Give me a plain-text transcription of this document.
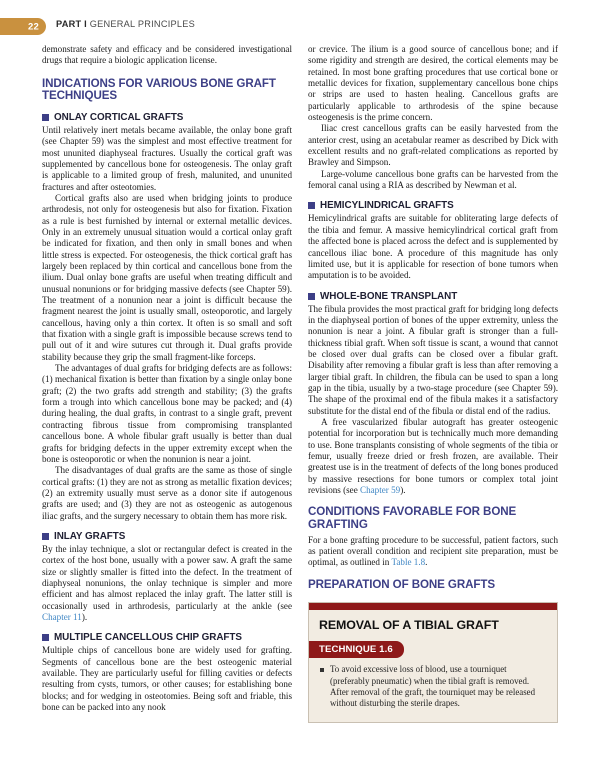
22 PART I GENERAL PRINCIPLES

demonstrate safety and efficacy and be considered investigational drugs that require a biologic application license.

INDICATIONS FOR VARIOUS BONE GRAFT TECHNIQUES
ONLAY CORTICAL GRAFTS

Until relatively inert metals became available, the onlay bone graft (see Chapter 59) was the simplest and most effective treatment for most ununited diaphyseal fractures. Usually the cortical graft was supplemented by cancellous bone for osteogenesis. The onlay graft is applicable to a limited group of fresh, malunited, and ununited fractures and after osteotomies.

Cortical grafts also are used when bridging joints to produce arthrodesis, not only for osteogenesis but also for fixation. Fixation as a rule is best furnished by internal or external metallic devices. Only in an extremely unusual situation would a cortical onlay graft be indicated for fixation, and then only in small bones and when little stress is expected. For osteogenesis, the thick cortical graft has largely been replaced by thin cortical and cancellous bone from the ilium. Dual onlay bone grafts are useful when treating difficult and unusual nonunions or for bridging massive defects (see Chapter 59). The treatment of a nonunion near a joint is difficult because the fragment nearest the joint is usually small, osteoporotic, and largely cancellous, having only a thin cortex. It often is so small and soft that fixation with a single graft is impossible because screws tend to pull out of it and wire sutures cut through it. Dual grafts provide stability because they grip the small fragment-like forceps.

The advantages of dual grafts for bridging defects are as follows: (1) mechanical fixation is better than fixation by a single onlay bone graft; (2) the two grafts add strength and stability; (3) the grafts form a trough into which cancellous bone may be packed; and (4) during healing, the dual grafts, in contrast to a single graft, prevent contracting fibrous tissue from compromising transplanted cancellous bone. A whole fibular graft usually is better than dual grafts for bridging defects in the upper extremity except when the bone is osteoporotic or when the nonunion is near a joint.

The disadvantages of dual grafts are the same as those of single cortical grafts: (1) they are not as strong as metallic fixation devices; (2) an extremity usually must serve as a donor site if autogenous grafts are used; and (3) they are not as osteogenic as autogenous iliac grafts, and the surgery necessary to obtain them has more risk.

INLAY GRAFTS

By the inlay technique, a slot or rectangular defect is created in the cortex of the host bone, usually with a power saw. A graft the same size or slightly smaller is fitted into the defect. In the treatment of diaphyseal nonunions, the onlay technique is simpler and more efficient and has almost replaced the inlay graft. The latter still is occasionally used in arthrodesis, particularly at the ankle (see Chapter 11).

MULTIPLE CANCELLOUS CHIP GRAFTS

Multiple chips of cancellous bone are widely used for grafting. Segments of cancellous bone are the best osteogenic material available. They are particularly useful for filling cavities or defects resulting from cysts, tumors, or other causes; for establishing bone blocks; and for wedging in osteotomies. Being soft and friable, this bone can be packed into any nook

or crevice. The ilium is a good source of cancellous bone; and if some rigidity and strength are desired, the cortical elements may be retained. In most bone grafting procedures that use cortical bone or metallic devices for fixation, supplementary cancellous bone chips or strips are used to hasten healing. Cancellous grafts are particularly applicable to arthrodesis of the spine because osteogenesis is the prime concern.

Iliac crest cancellous grafts can be easily harvested from the anterior crest, using an acetabular reamer as described by Dick with excellent results and no graft-related complications as reported by Brawley and Simpson.

Large-volume cancellous bone grafts can be harvested from the femoral canal using a RIA as described by Newman et al.

HEMICYLINDRICAL GRAFTS

Hemicylindrical grafts are suitable for obliterating large defects of the tibia and femur. A massive hemicylindrical cortical graft from the affected bone is placed across the defect and is supplemented by cancellous iliac bone. A procedure of this magnitude has only limited use, but it is applicable for resection of bone tumors when amputation is to be avoided.

WHOLE-BONE TRANSPLANT

The fibula provides the most practical graft for bridging long defects in the diaphyseal portion of bones of the upper extremity, unless the nonunion is near a joint. A fibular graft is stronger than a full-thickness tibial graft. When soft tissue is scant, a wound that cannot be closed over dual grafts can be closed over a fibular graft. Disability after removing a fibular graft is less than after removing a larger tibial graft. In children, the fibula can be used to span a long gap in the tibia, usually by a two-stage procedure (see Chapter 59). The shape of the proximal end of the fibula makes it a satisfactory substitute for the distal end of the fibula or distal end of the radius.

A free vascularized fibular autograft has greater osteogenic potential for incorporation but is technically much more demanding to use. Bone transplants consisting of whole segments of the tibia or femur, usually freeze dried or fresh frozen, are available. Their greatest use is in the treatment of defects of the long bones produced by massive resections for bone tumors or complex total joint revisions (see Chapter 59).

CONDITIONS FAVORABLE FOR BONE GRAFTING

For a bone grafting procedure to be successful, patient factors, such as patient overall condition and recipient site preparation, must be optimal, as outlined in Table 1.8.

PREPARATION OF BONE GRAFTS
REMOVAL OF A TIBIAL GRAFT
TECHNIQUE 1.6
To avoid excessive loss of blood, use a tourniquet (preferably pneumatic) when the tibial graft is removed. After removal of the graft, the tourniquet may be released without disturbing the sterile drapes.
